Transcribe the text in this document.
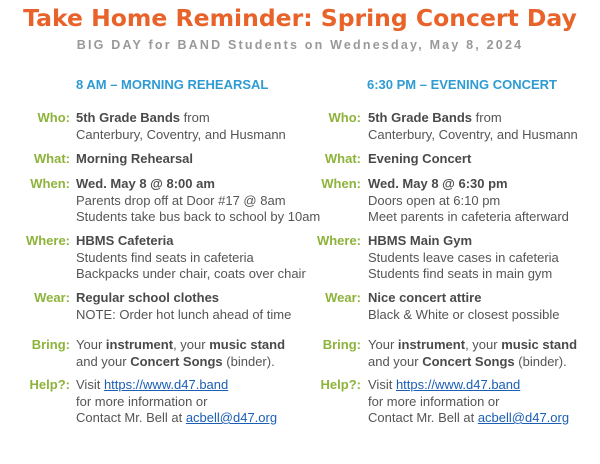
Take Home Reminder: Spring Concert Day
BIG DAY for BAND Students on Wednesday, May 8, 2024
8 AM – MORNING REHEARSAL
Who: 5th Grade Bands from
Canterbury, Coventry, and Husmann
What: Morning Rehearsal
When: Wed. May 8 @ 8:00 am
Parents drop off at Door #17 @ 8am
Students take bus back to school by 10am
Where: HBMS Cafeteria
Students find seats in cafeteria
Backpacks under chair, coats over chair
Wear: Regular school clothes
NOTE: Order hot lunch ahead of time
Bring: Your instrument, your music stand
and your Concert Songs (binder).
Help?: Visit https://www.d47.band
for more information or
Contact Mr. Bell at acbell@d47.org
6:30 PM – EVENING CONCERT
Who: 5th Grade Bands from
Canterbury, Coventry, and Husmann
What: Evening Concert
When: Wed. May 8 @ 6:30 pm
Doors open at 6:10 pm
Meet parents in cafeteria afterward
Where: HBMS Main Gym
Students leave cases in cafeteria
Students find seats in main gym
Wear: Nice concert attire
Black & White or closest possible
Bring: Your instrument, your music stand
and your Concert Songs (binder).
Help?: Visit https://www.d47.band
for more information or
Contact Mr. Bell at acbell@d47.org
